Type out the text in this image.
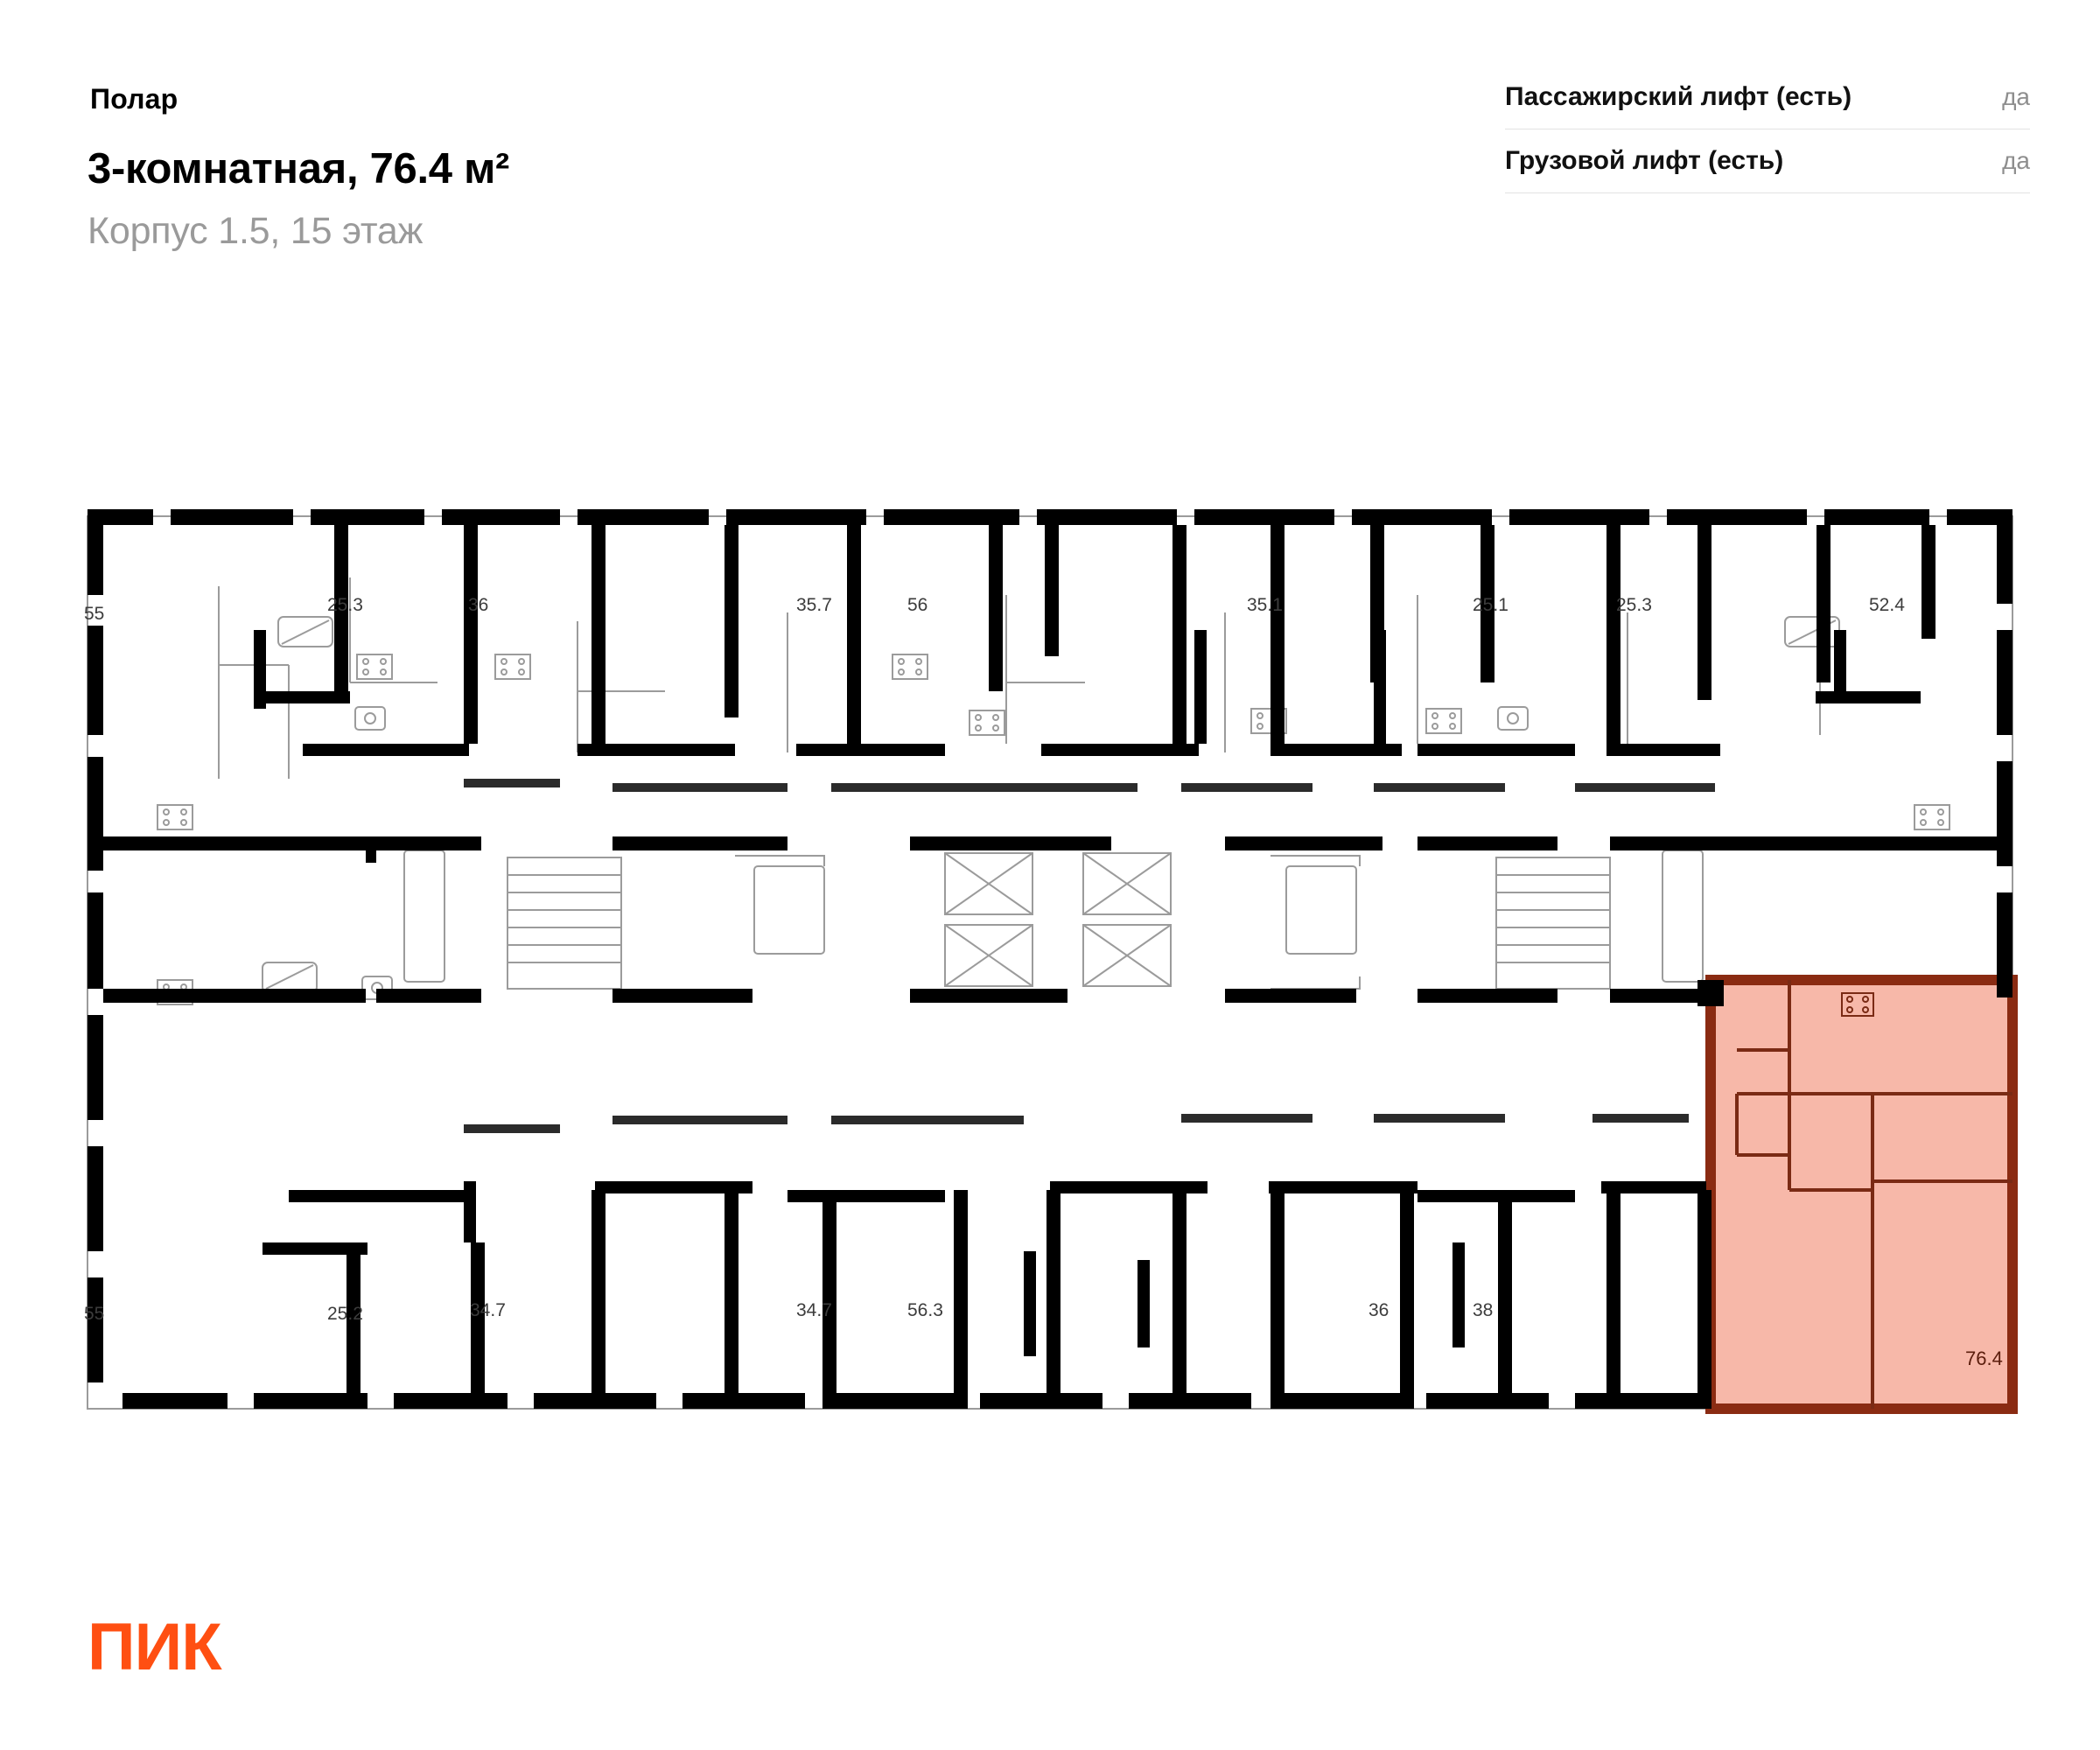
Полар
3-комнатная, 76.4 м²
Корпус 1.5, 15 этаж
Пассажирский лифт (есть)	да
Грузовой лифт (есть)	да
76.4
55	25.3	36	35.7	56	35.1	25.1	25.3	52.4
55	25.2	34.7	34.7	56.3	36	38
ПИК
